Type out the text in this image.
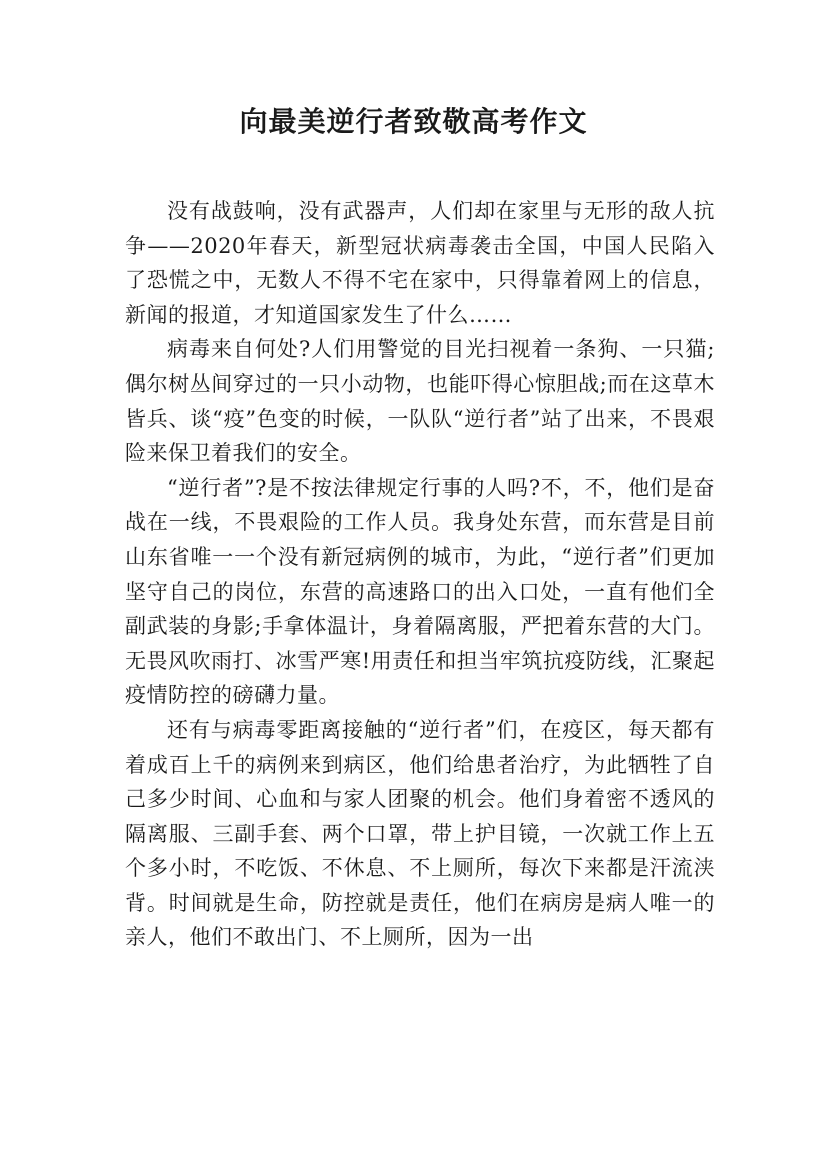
向最美逆行者致敬高考作文

没有战鼓响，没有武器声，人们却在家里与无形的敌人抗争——2020年春天，新型冠状病毒袭击全国，中国人民陷入了恐慌之中，无数人不得不宅在家中，只得靠着网上的信息，新闻的报道，才知道国家发生了什么……

病毒来自何处?人们用警觉的目光扫视着一条狗、一只猫;偶尔树丛间穿过的一只小动物，也能吓得心惊胆战;而在这草木皆兵、谈“疫”色变的时候，一队队“逆行者”站了出来，不畏艰险来保卫着我们的安全。

“逆行者”?是不按法律规定行事的人吗?不，不，他们是奋战在一线，不畏艰险的工作人员。我身处东营，而东营是目前山东省唯一一个没有新冠病例的城市，为此，“逆行者”们更加坚守自己的岗位，东营的高速路口的出入口处，一直有他们全副武装的身影;手拿体温计，身着隔离服，严把着东营的大门。无畏风吹雨打、冰雪严寒!用责任和担当牢筑抗疫防线，汇聚起疫情防控的磅礴力量。

还有与病毒零距离接触的“逆行者”们，在疫区，每天都有着成百上千的病例来到病区，他们给患者治疗，为此牺牲了自己多少时间、心血和与家人团聚的机会。他们身着密不透风的隔离服、三副手套、两个口罩，带上护目镜，一次就工作上五个多小时，不吃饭、不休息、不上厕所，每次下来都是汗流浃背。时间就是生命，防控就是责任，他们在病房是病人唯一的亲人，他们不敢出门、不上厕所，因为一出
